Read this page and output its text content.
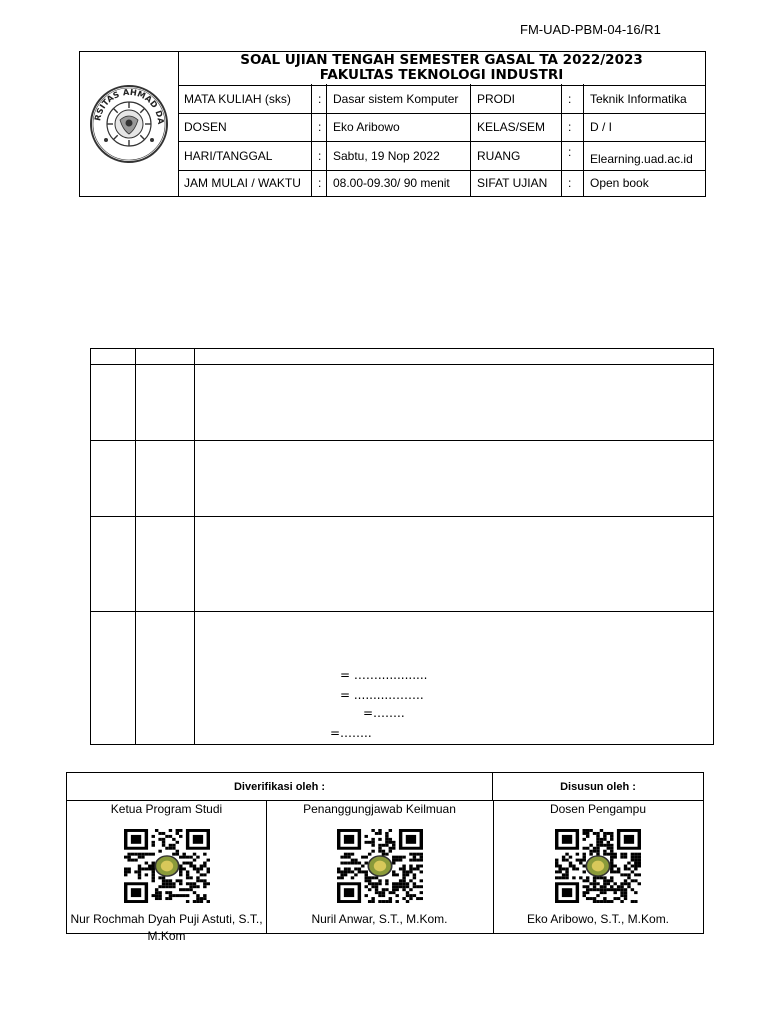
FM-UAD-PBM-04-16/R1
RSITAS AHMAD DA
SOAL UJIAN TENGAH SEMESTER GASAL TA 2022/2023
FAKULTAS TEKNOLOGI INDUSTRI
MATA KULIAH (sks)	: Dasar sistem Komputer	PRODI	:	Teknik Informatika
DOSEN	: Eko Aribowo	KELAS/SEM	:	D / I
HARI/TANGGAL	: Sabtu, 19 Nop 2022	RUANG	:	Elearning.uad.ac.id
JAM MULAI / WAKTU	: 08.00-09.30/ 90 menit	SIFAT UJIAN	:	Open book
= …….............
= ..........……..
=……..
=……..
Diverifikasi oleh :	Disusun oleh :
Ketua Program Studi
Nur Rochmah Dyah Puji Astuti, S.T., M.Kom
Penanggungjawab Keilmuan
Nuril Anwar, S.T., M.Kom.
Dosen Pengampu
Eko Aribowo, S.T., M.Kom.
